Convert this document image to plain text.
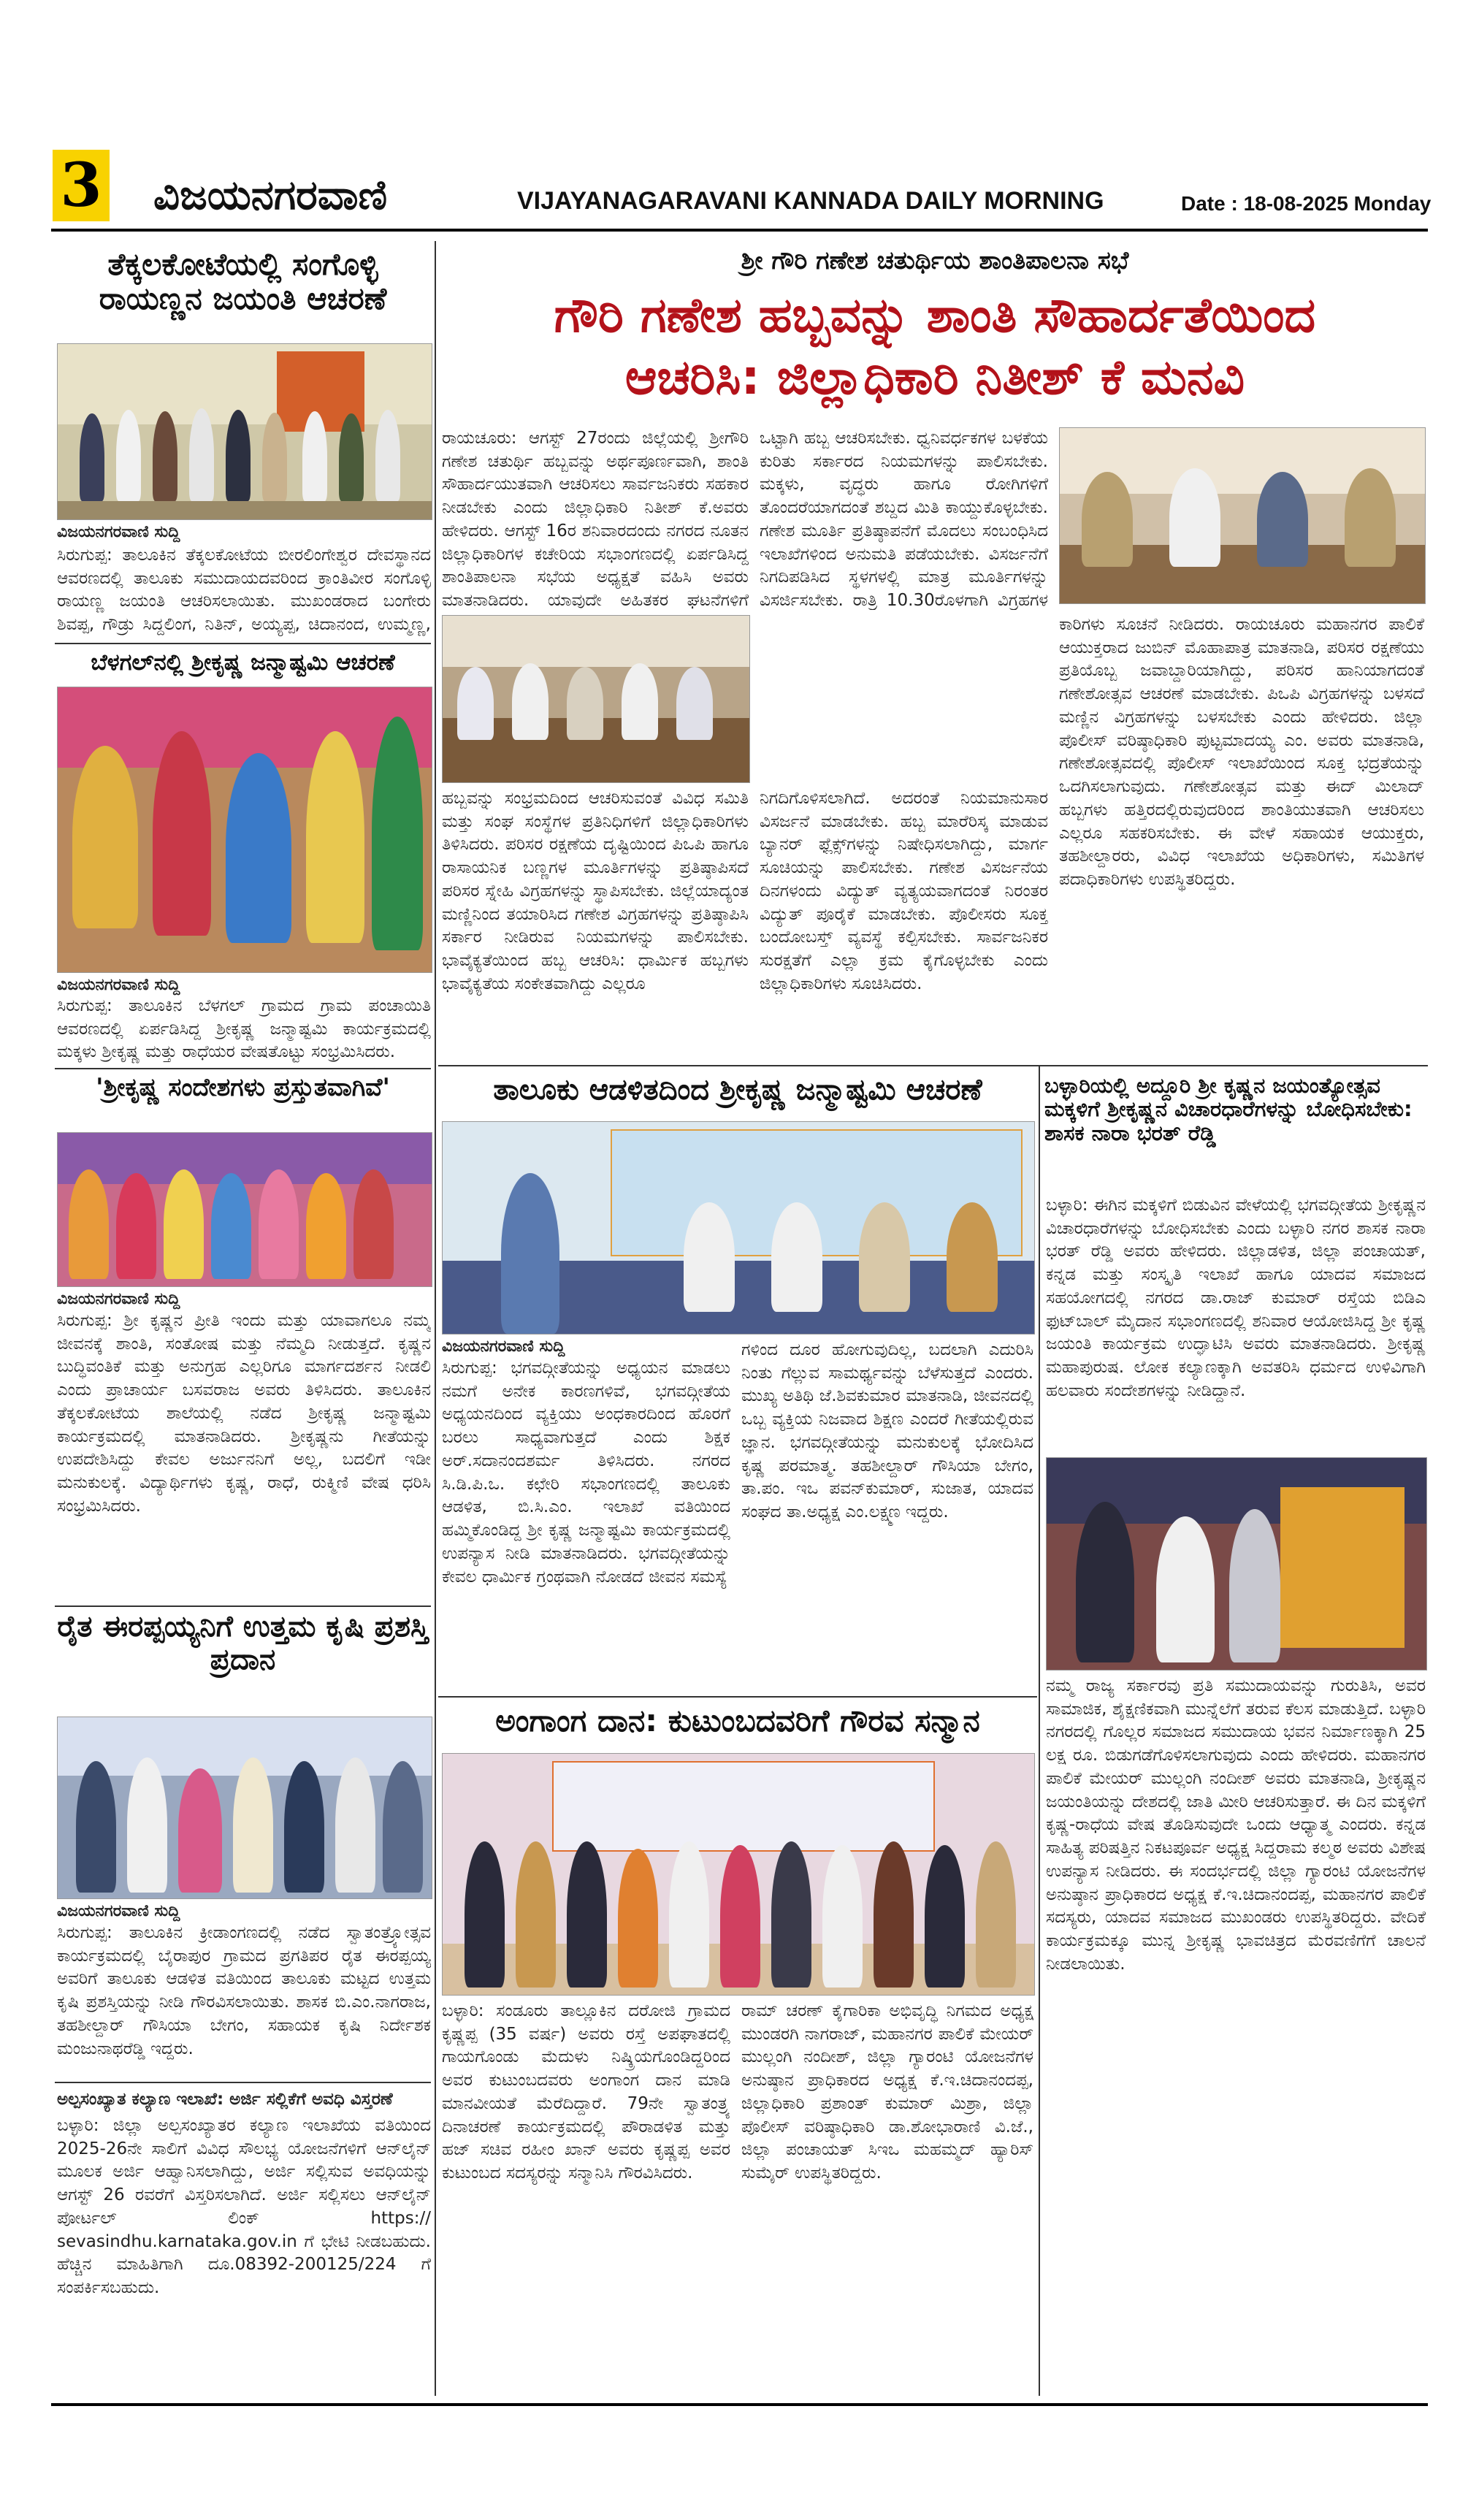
3 ವಿಜಯನಗರವಾಣಿ	VIJAYANAGARAVANI KANNADA DAILY MORNING	Date : 18-08-2025 Monday
ತೆಕ್ಕಲಕೋಟೆಯಲ್ಲಿ ಸಂಗೊಳ್ಳಿ ರಾಯಣ್ಣನ ಜಯಂತಿ ಆಚರಣೆ
ವಿಜಯನಗರವಾಣಿ ಸುದ್ದಿ
ಸಿರುಗುಪ್ಪ: ತಾಲೂಕಿನ ತೆಕ್ಕಲಕೋಟೆಯ ಬೀರಲಿಂಗೇಶ್ವರ ದೇವಸ್ಥಾನದ ಆವರಣದಲ್ಲಿ ತಾಲೂಕು ಸಮುದಾಯದವರಿಂದ ಕ್ರಾಂತಿವೀರ ಸಂಗೊಳ್ಳಿ ರಾಯಣ್ಣ ಜಯಂತಿ ಆಚರಿಸಲಾಯಿತು. ಮುಖಂಡರಾದ ಬಂಗೇರು ಶಿವಪ್ಪ, ಗೌಡ್ರು ಸಿದ್ದಲಿಂಗ, ನಿತಿನ್, ಅಯ್ಯಪ್ಪ, ಚಿದಾನಂದ, ಉಮ್ಮಣ್ಣ,
ಬೆಳಗಲ್‌ನಲ್ಲಿ ಶ್ರೀಕೃಷ್ಣ ಜನ್ಮಾಷ್ಟಮಿ ಆಚರಣೆ
ವಿಜಯನಗರವಾಣಿ ಸುದ್ದಿ
ಸಿರುಗುಪ್ಪ: ತಾಲೂಕಿನ ಬೆಳಗಲ್ ಗ್ರಾಮದ ಗ್ರಾಮ ಪಂಚಾಯಿತಿ ಆವರಣದಲ್ಲಿ ಏರ್ಪಡಿಸಿದ್ದ ಶ್ರೀಕೃಷ್ಣ ಜನ್ಮಾಷ್ಟಮಿ ಕಾರ್ಯಕ್ರಮದಲ್ಲಿ ಮಕ್ಕಳು ಶ್ರೀಕೃಷ್ಣ ಮತ್ತು ರಾಧೆಯರ ವೇಷತೊಟ್ಟು ಸಂಭ್ರಮಿಸಿದರು.
'ಶ್ರೀಕೃಷ್ಣ ಸಂದೇಶಗಳು ಪ್ರಸ್ತುತವಾಗಿವೆ'
ವಿಜಯನಗರವಾಣಿ ಸುದ್ದಿ
ಸಿರುಗುಪ್ಪ: ಶ್ರೀ ಕೃಷ್ಣನ ಪ್ರೀತಿ ಇಂದು ಮತ್ತು ಯಾವಾಗಲೂ ನಮ್ಮ ಜೀವನಕ್ಕೆ ಶಾಂತಿ, ಸಂತೋಷ ಮತ್ತು ನೆಮ್ಮದಿ ನೀಡುತ್ತದೆ. ಕೃಷ್ಣನ ಬುದ್ಧಿವಂತಿಕೆ ಮತ್ತು ಅನುಗ್ರಹ ಎಲ್ಲರಿಗೂ ಮಾರ್ಗದರ್ಶನ ನೀಡಲಿ ಎಂದು ಪ್ರಾಚಾರ್ಯ ಬಸವರಾಜ ಅವರು ತಿಳಿಸಿದರು. ತಾಲೂಕಿನ ತೆಕ್ಕಲಕೋಟೆಯ ಶಾಲೆಯಲ್ಲಿ ನಡೆದ ಶ್ರೀಕೃಷ್ಣ ಜನ್ಮಾಷ್ಟಮಿ ಕಾರ್ಯಕ್ರಮದಲ್ಲಿ ಮಾತನಾಡಿದರು. ಶ್ರೀಕೃಷ್ಣನು ಗೀತೆಯನ್ನು ಉಪದೇಶಿಸಿದ್ದು ಕೇವಲ ಅರ್ಜುನನಿಗೆ ಅಲ್ಲ, ಬದಲಿಗೆ ಇಡೀ ಮನುಕುಲಕ್ಕೆ. ವಿದ್ಯಾರ್ಥಿಗಳು ಕೃಷ್ಣ, ರಾಧೆ, ರುಕ್ಮಿಣಿ ವೇಷ ಧರಿಸಿ ಸಂಭ್ರಮಿಸಿದರು.
ರೈತ ಈರಪ್ಪಯ್ಯನಿಗೆ ಉತ್ತಮ ಕೃಷಿ ಪ್ರಶಸ್ತಿ ಪ್ರದಾನ
ವಿಜಯನಗರವಾಣಿ ಸುದ್ದಿ
ಸಿರುಗುಪ್ಪ: ತಾಲೂಕಿನ ಕ್ರೀಡಾಂಗಣದಲ್ಲಿ ನಡೆದ ಸ್ವಾತಂತ್ರ್ಯೋತ್ಸವ ಕಾರ್ಯಕ್ರಮದಲ್ಲಿ ಬೈರಾಪುರ ಗ್ರಾಮದ ಪ್ರಗತಿಪರ ರೈತ ಈರಪ್ಪಯ್ಯ ಅವರಿಗೆ ತಾಲೂಕು ಆಡಳಿತ ವತಿಯಿಂದ ತಾಲೂಕು ಮಟ್ಟದ ಉತ್ತಮ ಕೃಷಿ ಪ್ರಶಸ್ತಿಯನ್ನು ನೀಡಿ ಗೌರವಿಸಲಾಯಿತು. ಶಾಸಕ ಬಿ.ಎಂ.ನಾಗರಾಜ, ತಹಶೀಲ್ದಾರ್ ಗೌಸಿಯಾ ಬೇಗಂ, ಸಹಾಯಕ ಕೃಷಿ ನಿರ್ದೇಶಕ ಮಂಜುನಾಥರೆಡ್ಡಿ ಇದ್ದರು.
ಅಲ್ಪಸಂಖ್ಯಾತ ಕಲ್ಯಾಣ ಇಲಾಖೆ: ಅರ್ಜಿ ಸಲ್ಲಿಕೆಗೆ ಅವಧಿ ವಿಸ್ತರಣೆ
ಬಳ್ಳಾರಿ: ಜಿಲ್ಲಾ ಅಲ್ಪಸಂಖ್ಯಾತರ ಕಲ್ಯಾಣ ಇಲಾಖೆಯ ವತಿಯಿಂದ 2025-26ನೇ ಸಾಲಿಗೆ ವಿವಿಧ ಸೌಲಭ್ಯ ಯೋಜನೆಗಳಿಗೆ ಆನ್‌ಲೈನ್ ಮೂಲಕ ಅರ್ಜಿ ಆಹ್ವಾನಿಸಲಾಗಿದ್ದು, ಅರ್ಜಿ ಸಲ್ಲಿಸುವ ಅವಧಿಯನ್ನು ಆಗಸ್ಟ್ 26 ರವರೆಗೆ ವಿಸ್ತರಿಸಲಾಗಿದೆ. ಅರ್ಜಿ ಸಲ್ಲಿಸಲು ಆನ್‌ಲೈನ್ ಪೋರ್ಟಲ್ ಲಿಂಕ್ https:// sevasindhu.karnataka.gov.in ಗೆ ಭೇಟಿ ನೀಡಬಹುದು. ಹೆಚ್ಚಿನ ಮಾಹಿತಿಗಾಗಿ ದೂ.08392-200125/224 ಗೆ ಸಂಪರ್ಕಿಸಬಹುದು.
ಶ್ರೀ ಗೌರಿ ಗಣೇಶ ಚತುರ್ಥಿಯ ಶಾಂತಿಪಾಲನಾ ಸಭೆ
ಗೌರಿ ಗಣೇಶ ಹಬ್ಬವನ್ನು ಶಾಂತಿ ಸೌಹಾರ್ದತೆಯಿಂದ
ಆಚರಿಸಿ: ಜಿಲ್ಲಾಧಿಕಾರಿ ನಿತೀಶ್ ಕೆ ಮನವಿ
ರಾಯಚೂರು: ಆಗಸ್ಟ್ 27ರಂದು ಜಿಲ್ಲೆಯಲ್ಲಿ ಶ್ರೀಗೌರಿ ಗಣೇಶ ಚತುರ್ಥಿ ಹಬ್ಬವನ್ನು ಅರ್ಥಪೂರ್ಣವಾಗಿ, ಶಾಂತಿ ಸೌಹಾರ್ದಯುತವಾಗಿ ಆಚರಿಸಲು ಸಾರ್ವಜನಿಕರು ಸಹಕಾರ ನೀಡಬೇಕು ಎಂದು ಜಿಲ್ಲಾಧಿಕಾರಿ ನಿತೀಶ್ ಕೆ.ಅವರು ಹೇಳಿದರು. ಆಗಸ್ಟ್ 16ರ ಶನಿವಾರದಂದು ನಗರದ ನೂತನ ಜಿಲ್ಲಾಧಿಕಾರಿಗಳ ಕಚೇರಿಯ ಸಭಾಂಗಣದಲ್ಲಿ ಏರ್ಪಡಿಸಿದ್ದ ಶಾಂತಿಪಾಲನಾ ಸಭೆಯ ಅಧ್ಯಕ್ಷತೆ ವಹಿಸಿ ಅವರು ಮಾತನಾಡಿದರು. ಯಾವುದೇ ಅಹಿತಕರ ಘಟನೆಗಳಿಗೆ
ಹಬ್ಬವನ್ನು ಸಂಭ್ರಮದಿಂದ ಆಚರಿಸುವಂತೆ ವಿವಿಧ ಸಮಿತಿ ಮತ್ತು ಸಂಘ ಸಂಸ್ಥೆಗಳ ಪ್ರತಿನಿಧಿಗಳಿಗೆ ಜಿಲ್ಲಾಧಿಕಾರಿಗಳು ತಿಳಿಸಿದರು. ಪರಿಸರ ರಕ್ಷಣೆಯ ದೃಷ್ಟಿಯಿಂದ ಪಿಒಪಿ ಹಾಗೂ ರಾಸಾಯನಿಕ ಬಣ್ಣಗಳ ಮೂರ್ತಿಗಳನ್ನು ಪ್ರತಿಷ್ಠಾಪಿಸದೆ ಪರಿಸರ ಸ್ನೇಹಿ ವಿಗ್ರಹಗಳನ್ನು ಸ್ಥಾಪಿಸಬೇಕು. ಜಿಲ್ಲೆಯಾದ್ಯಂತ ಮಣ್ಣಿನಿಂದ ತಯಾರಿಸಿದ ಗಣೇಶ ವಿಗ್ರಹಗಳನ್ನು ಪ್ರತಿಷ್ಠಾಪಿಸಿ ಸರ್ಕಾರ ನೀಡಿರುವ ನಿಯಮಗಳನ್ನು ಪಾಲಿಸಬೇಕು. ಭಾವೈಕ್ಯತೆಯಿಂದ ಹಬ್ಬ ಆಚರಿಸಿ: ಧಾರ್ಮಿಕ ಹಬ್ಬಗಳು ಭಾವೈಕ್ಯತೆಯ ಸಂಕೇತವಾಗಿದ್ದು ಎಲ್ಲರೂ
ಒಟ್ಟಾಗಿ ಹಬ್ಬ ಆಚರಿಸಬೇಕು. ಧ್ವನಿವರ್ಧಕಗಳ ಬಳಕೆಯ ಕುರಿತು ಸರ್ಕಾರದ ನಿಯಮಗಳನ್ನು ಪಾಲಿಸಬೇಕು. ಮಕ್ಕಳು, ವೃದ್ಧರು ಹಾಗೂ ರೋಗಿಗಳಿಗೆ ತೊಂದರೆಯಾಗದಂತೆ ಶಬ್ದದ ಮಿತಿ ಕಾಯ್ದುಕೊಳ್ಳಬೇಕು. ಗಣೇಶ ಮೂರ್ತಿ ಪ್ರತಿಷ್ಠಾಪನೆಗೆ ಮೊದಲು ಸಂಬಂಧಿಸಿದ ಇಲಾಖೆಗಳಿಂದ ಅನುಮತಿ ಪಡೆಯಬೇಕು. ವಿಸರ್ಜನೆಗೆ ನಿಗದಿಪಡಿಸಿದ ಸ್ಥಳಗಳಲ್ಲಿ ಮಾತ್ರ ಮೂರ್ತಿಗಳನ್ನು ವಿಸರ್ಜಿಸಬೇಕು. ರಾತ್ರಿ 10.30ರೊಳಗಾಗಿ ವಿಗ್ರಹಗಳ
ನಿಗದಿಗೊಳಿಸಲಾಗಿದೆ. ಅದರಂತೆ ನಿಯಮಾನುಸಾರ ವಿಸರ್ಜನೆ ಮಾಡಬೇಕು. ಹಬ್ಬ ಮಾರೆರಿಸ್ಕ ಮಾಡುವ ಬ್ಯಾನರ್ ಫ್ಲೆಕ್ಸ್‌ಗಳನ್ನು ನಿಷೇಧಿಸಲಾಗಿದ್ದು, ಮಾರ್ಗ ಸೂಚಿಯನ್ನು ಪಾಲಿಸಬೇಕು. ಗಣೇಶ ವಿಸರ್ಜನೆಯ ದಿನಗಳಂದು ವಿದ್ಯುತ್ ವ್ಯತ್ಯಯವಾಗದಂತೆ ನಿರಂತರ ವಿದ್ಯುತ್ ಪೂರೈಕೆ ಮಾಡಬೇಕು. ಪೊಲೀಸರು ಸೂಕ್ತ ಬಂದೋಬಸ್ತ್ ವ್ಯವಸ್ಥೆ ಕಲ್ಪಿಸಬೇಕು. ಸಾರ್ವಜನಿಕರ ಸುರಕ್ಷತೆಗೆ ಎಲ್ಲಾ ಕ್ರಮ ಕೈಗೊಳ್ಳಬೇಕು ಎಂದು ಜಿಲ್ಲಾಧಿಕಾರಿಗಳು ಸೂಚಿಸಿದರು.
ಕಾರಿಗಳು ಸೂಚನೆ ನೀಡಿದರು. ರಾಯಚೂರು ಮಹಾನಗರ ಪಾಲಿಕೆ ಆಯುಕ್ತರಾದ ಜುಬಿನ್ ಮೊಹಾಪಾತ್ರ ಮಾತನಾಡಿ, ಪರಿಸರ ರಕ್ಷಣೆಯು ಪ್ರತಿಯೊಬ್ಬ ಜವಾಬ್ದಾರಿಯಾಗಿದ್ದು, ಪರಿಸರ ಹಾನಿಯಾಗದಂತೆ ಗಣೇಶೋತ್ಸವ ಆಚರಣೆ ಮಾಡಬೇಕು. ಪಿಒಪಿ ವಿಗ್ರಹಗಳನ್ನು ಬಳಸದೆ ಮಣ್ಣಿನ ವಿಗ್ರಹಗಳನ್ನು ಬಳಸಬೇಕು ಎಂದು ಹೇಳಿದರು. ಜಿಲ್ಲಾ ಪೊಲೀಸ್ ವರಿಷ್ಠಾಧಿಕಾರಿ ಪುಟ್ಟಮಾದಯ್ಯ ಎಂ. ಅವರು ಮಾತನಾಡಿ, ಗಣೇಶೋತ್ಸವದಲ್ಲಿ ಪೊಲೀಸ್ ಇಲಾಖೆಯಿಂದ ಸೂಕ್ತ ಭದ್ರತೆಯನ್ನು ಒದಗಿಸಲಾಗುವುದು. ಗಣೇಶೋತ್ಸವ ಮತ್ತು ಈದ್ ಮಿಲಾದ್ ಹಬ್ಬಗಳು ಹತ್ತಿರದಲ್ಲಿರುವುದರಿಂದ ಶಾಂತಿಯುತವಾಗಿ ಆಚರಿಸಲು ಎಲ್ಲರೂ ಸಹಕರಿಸಬೇಕು. ಈ ವೇಳೆ ಸಹಾಯಕ ಆಯುಕ್ತರು, ತಹಶೀಲ್ದಾರರು, ವಿವಿಧ ಇಲಾಖೆಯ ಅಧಿಕಾರಿಗಳು, ಸಮಿತಿಗಳ ಪದಾಧಿಕಾರಿಗಳು ಉಪಸ್ಥಿತರಿದ್ದರು.
ತಾಲೂಕು ಆಡಳಿತದಿಂದ ಶ್ರೀಕೃಷ್ಣ ಜನ್ಮಾಷ್ಟಮಿ ಆಚರಣೆ
ವಿಜಯನಗರವಾಣಿ ಸುದ್ದಿ
ಸಿರುಗುಪ್ಪ: ಭಗವದ್ಗೀತೆಯನ್ನು ಅಧ್ಯಯನ ಮಾಡಲು ನಮಗೆ ಅನೇಕ ಕಾರಣಗಳಿವೆ, ಭಗವದ್ಗೀತೆಯ ಅಧ್ಯಯನದಿಂದ ವ್ಯಕ್ತಿಯು ಅಂಧಕಾರದಿಂದ ಹೊರಗೆ ಬರಲು ಸಾಧ್ಯವಾಗುತ್ತದೆ ಎಂದು ಶಿಕ್ಷಕ ಅರ್.ಸದಾನಂದಶರ್ಮ ತಿಳಿಸಿದರು. ನಗರದ ಸಿ.ಡಿ.ಪಿ.ಒ. ಕಛೇರಿ ಸಭಾಂಗಣದಲ್ಲಿ ತಾಲೂಕು ಆಡಳಿತ, ಬಿ.ಸಿ.ಎಂ. ಇಲಾಖೆ ವತಿಯಿಂದ ಹಮ್ಮಿಕೊಂಡಿದ್ದ ಶ್ರೀ ಕೃಷ್ಣ ಜನ್ಮಾಷ್ಟಮಿ ಕಾರ್ಯಕ್ರಮದಲ್ಲಿ ಉಪನ್ಯಾಸ ನೀಡಿ ಮಾತನಾಡಿದರು. ಭಗವದ್ಗೀತೆಯನ್ನು ಕೇವಲ ಧಾರ್ಮಿಕ ಗ್ರಂಥವಾಗಿ ನೋಡದೆ ಜೀವನ ಸಮಸ್ಯೆ
ಗಳಿಂದ ದೂರ ಹೋಗುವುದಿಲ್ಲ, ಬದಲಾಗಿ ಎದುರಿಸಿ ನಿಂತು ಗೆಲ್ಲುವ ಸಾಮರ್ಥ್ಯವನ್ನು ಬೆಳೆಸುತ್ತದೆ ಎಂದರು. ಮುಖ್ಯ ಅತಿಥಿ ಜೆ.ಶಿವಕುಮಾರ ಮಾತನಾಡಿ, ಜೀವನದಲ್ಲಿ ಒಬ್ಬ ವ್ಯಕ್ತಿಯ ನಿಜವಾದ ಶಿಕ್ಷಣ ಎಂದರೆ ಗೀತೆಯಲ್ಲಿರುವ ಜ್ಞಾನ. ಭಗವದ್ಗೀತೆಯನ್ನು ಮನುಕುಲಕ್ಕೆ ಭೋದಿಸಿದ ಕೃಷ್ಣ ಪರಮಾತ್ಮ. ತಹಶೀಲ್ದಾರ್ ಗೌಸಿಯಾ ಬೇಗಂ, ತಾ.ಪಂ. ಇಒ ಪವನ್‌ಕುಮಾರ್, ಸುಜಾತ, ಯಾದವ ಸಂಘದ ತಾ.ಅಧ್ಯಕ್ಷ ಎಂ.ಲಕ್ಷ್ಮಣ ಇದ್ದರು.
ಅಂಗಾಂಗ ದಾನ: ಕುಟುಂಬದವರಿಗೆ ಗೌರವ ಸನ್ಮಾನ
ಬಳ್ಳಾರಿ: ಸಂಡೂರು ತಾಲ್ಲೂಕಿನ ದರೋಜಿ ಗ್ರಾಮದ ಕೃಷ್ಣಪ್ಪ (35 ವರ್ಷ) ಅವರು ರಸ್ತೆ ಅಪಘಾತದಲ್ಲಿ ಗಾಯಗೊಂಡು ಮೆದುಳು ನಿಷ್ಕ್ರಿಯಗೊಂಡಿದ್ದರಿಂದ ಅವರ ಕುಟುಂಬದವರು ಅಂಗಾಂಗ ದಾನ ಮಾಡಿ ಮಾನವೀಯತೆ ಮೆರೆದಿದ್ದಾರೆ. 79ನೇ ಸ್ವಾತಂತ್ರ್ಯ ದಿನಾಚರಣೆ ಕಾರ್ಯಕ್ರಮದಲ್ಲಿ ಪೌರಾಡಳಿತ ಮತ್ತು ಹಜ್ ಸಚಿವ ರಹೀಂ ಖಾನ್ ಅವರು ಕೃಷ್ಣಪ್ಪ ಅವರ ಕುಟುಂಬದ ಸದಸ್ಯರನ್ನು ಸನ್ಮಾನಿಸಿ ಗೌರವಿಸಿದರು.
ರಾಮ್ ಚರಣ್ ಕೈಗಾರಿಕಾ ಅಭಿವೃದ್ಧಿ ನಿಗಮದ ಅಧ್ಯಕ್ಷ ಮುಂಡರಗಿ ನಾಗರಾಜ್, ಮಹಾನಗರ ಪಾಲಿಕೆ ಮೇಯರ್ ಮುಲ್ಲಂಗಿ ನಂದೀಶ್, ಜಿಲ್ಲಾ ಗ್ಯಾರಂಟಿ ಯೋಜನೆಗಳ ಅನುಷ್ಠಾನ ಪ್ರಾಧಿಕಾರದ ಅಧ್ಯಕ್ಷ ಕೆ.ಇ.ಚಿದಾನಂದಪ್ಪ, ಜಿಲ್ಲಾಧಿಕಾರಿ ಪ್ರಶಾಂತ್ ಕುಮಾರ್ ಮಿಶ್ರಾ, ಜಿಲ್ಲಾ ಪೊಲೀಸ್ ವರಿಷ್ಠಾಧಿಕಾರಿ ಡಾ.ಶೋಭಾರಾಣಿ ವಿ.ಜೆ., ಜಿಲ್ಲಾ ಪಂಚಾಯತ್ ಸಿಇಒ ಮಹಮ್ಮದ್ ಹ್ಯಾರಿಸ್ ಸುಮೈರ್ ಉಪಸ್ಥಿತರಿದ್ದರು.
ಬಳ್ಳಾರಿಯಲ್ಲಿ ಅದ್ದೂರಿ ಶ್ರೀ ಕೃಷ್ಣನ ಜಯಂತ್ಯೋತ್ಸವ ಮಕ್ಕಳಿಗೆ ಶ್ರೀಕೃಷ್ಣನ ವಿಚಾರಧಾರೆಗಳನ್ನು ಬೋಧಿಸಬೇಕು: ಶಾಸಕ ನಾರಾ ಭರತ್ ರೆಡ್ಡಿ
ಬಳ್ಳಾರಿ: ಈಗಿನ ಮಕ್ಕಳಿಗೆ ಬಿಡುವಿನ ವೇಳೆಯಲ್ಲಿ ಭಗವದ್ಗೀತೆಯ ಶ್ರೀಕೃಷ್ಣನ ವಿಚಾರಧಾರೆಗಳನ್ನು ಬೋಧಿಸಬೇಕು ಎಂದು ಬಳ್ಳಾರಿ ನಗರ ಶಾಸಕ ನಾರಾ ಭರತ್ ರೆಡ್ಡಿ ಅವರು ಹೇಳಿದರು. ಜಿಲ್ಲಾಡಳಿತ, ಜಿಲ್ಲಾ ಪಂಚಾಯತ್, ಕನ್ನಡ ಮತ್ತು ಸಂಸ್ಕೃತಿ ಇಲಾಖೆ ಹಾಗೂ ಯಾದವ ಸಮಾಜದ ಸಹಯೋಗದಲ್ಲಿ ನಗರದ ಡಾ.ರಾಜ್ ಕುಮಾರ್ ರಸ್ತೆಯ ಬಿಡಿಎ ಫುಟ್‌ಬಾಲ್ ಮೈದಾನ ಸಭಾಂಗಣದಲ್ಲಿ ಶನಿವಾರ ಆಯೋಜಿಸಿದ್ದ ಶ್ರೀ ಕೃಷ್ಣ ಜಯಂತಿ ಕಾರ್ಯಕ್ರಮ ಉದ್ಘಾಟಿಸಿ ಅವರು ಮಾತನಾಡಿದರು. ಶ್ರೀಕೃಷ್ಣ ಮಹಾಪುರುಷ. ಲೋಕ ಕಲ್ಯಾಣಕ್ಕಾಗಿ ಅವತರಿಸಿ ಧರ್ಮದ ಉಳಿವಿಗಾಗಿ ಹಲವಾರು ಸಂದೇಶಗಳನ್ನು ನೀಡಿದ್ದಾನೆ.
ನಮ್ಮ ರಾಜ್ಯ ಸರ್ಕಾರವು ಪ್ರತಿ ಸಮುದಾಯವನ್ನು ಗುರುತಿಸಿ, ಅವರ ಸಾಮಾಜಿಕ, ಶೈಕ್ಷಣಿಕವಾಗಿ ಮುನ್ನೆಲೆಗೆ ತರುವ ಕೆಲಸ ಮಾಡುತ್ತಿದೆ. ಬಳ್ಳಾರಿ ನಗರದಲ್ಲಿ ಗೊಲ್ಲರ ಸಮಾಜದ ಸಮುದಾಯ ಭವನ ನಿರ್ಮಾಣಕ್ಕಾಗಿ 25 ಲಕ್ಷ ರೂ. ಬಿಡುಗಡೆಗೊಳಿಸಲಾಗುವುದು ಎಂದು ಹೇಳಿದರು. ಮಹಾನಗರ ಪಾಲಿಕೆ ಮೇಯರ್ ಮುಲ್ಲಂಗಿ ನಂದೀಶ್ ಅವರು ಮಾತನಾಡಿ, ಶ್ರೀಕೃಷ್ಣನ ಜಯಂತಿಯನ್ನು ದೇಶದಲ್ಲಿ ಜಾತಿ ಮೀರಿ ಆಚರಿಸುತ್ತಾರೆ. ಈ ದಿನ ಮಕ್ಕಳಿಗೆ ಕೃಷ್ಣ-ರಾಧೆಯ ವೇಷ ತೊಡಿಸುವುದೇ ಒಂದು ಆಧ್ಯಾತ್ಮ ಎಂದರು. ಕನ್ನಡ ಸಾಹಿತ್ಯ ಪರಿಷತ್ತಿನ ನಿಕಟಪೂರ್ವ ಅಧ್ಯಕ್ಷ ಸಿದ್ದರಾಮ ಕಲ್ಮಠ ಅವರು ವಿಶೇಷ ಉಪನ್ಯಾಸ ನೀಡಿದರು. ಈ ಸಂದರ್ಭದಲ್ಲಿ ಜಿಲ್ಲಾ ಗ್ಯಾರಂಟಿ ಯೋಜನೆಗಳ ಅನುಷ್ಠಾನ ಪ್ರಾಧಿಕಾರದ ಅಧ್ಯಕ್ಷ ಕೆ.ಇ.ಚಿದಾನಂದಪ್ಪ, ಮಹಾನಗರ ಪಾಲಿಕೆ ಸದಸ್ಯರು, ಯಾದವ ಸಮಾಜದ ಮುಖಂಡರು ಉಪಸ್ಥಿತರಿದ್ದರು. ವೇದಿಕೆ ಕಾರ್ಯಕ್ರಮಕ್ಕೂ ಮುನ್ನ ಶ್ರೀಕೃಷ್ಣ ಭಾವಚಿತ್ರದ ಮೆರವಣಿಗೆಗೆ ಚಾಲನೆ ನೀಡಲಾಯಿತು.
